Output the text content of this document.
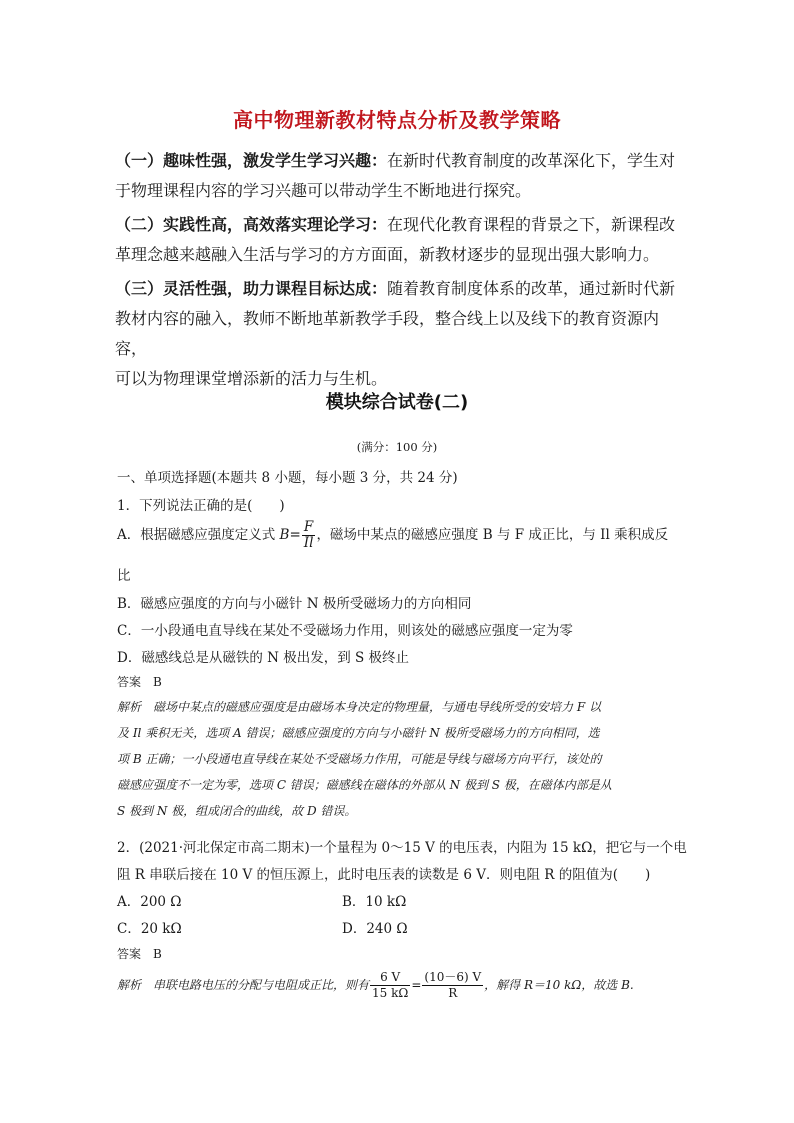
高中物理新教材特点分析及教学策略
（一）趣味性强，激发学生学习兴趣：在新时代教育制度的改革深化下，学生对
于物理课程内容的学习兴趣可以带动学生不断地进行探究。
（二）实践性高，高效落实理论学习：在现代化教育课程的背景之下，新课程改
革理念越来越融入生活与学习的方方面面，新教材逐步的显现出强大影响力。
（三）灵活性强，助力课程目标达成：随着教育制度体系的改革，通过新时代新
教材内容的融入，教师不断地革新教学手段，整合线上以及线下的教育资源内容，
可以为物理课堂增添新的活力与生机。
模块综合试卷(二)
(满分：100 分)
一、单项选择题(本题共 8 小题，每小题 3 分，共 24 分)
1．下列说法正确的是(　　)
A．根据磁感应强度定义式 $B= \frac{F}{Il}$ ，磁场中某点的磁感应强度 B 与 F 成正比，与 Il 乘积成反
比
B．磁感应强度的方向与小磁针 N 极所受磁场力的方向相同
C．一小段通电直导线在某处不受磁场力作用，则该处的磁感应强度一定为零
D．磁感线总是从磁铁的 N 极出发，到 S 极终止
答案　B
解析　磁场中某点的磁感应强度是由磁场本身决定的物理量，与通电导线所受的安培力 F 以
及 Il 乘积无关，选项 A 错误；磁感应强度的方向与小磁针 N 极所受磁场力的方向相同，选
项 B 正确；一小段通电直导线在某处不受磁场力作用，可能是导线与磁场方向平行，该处的
磁感应强度不一定为零，选项 C 错误；磁感线在磁体的外部从 N 极到 S 极，在磁体内部是从
S 极到 N 极，组成闭合的曲线，故 D 错误。
2．(2021·河北保定市高二期末)一个量程为 0～15 V 的电压表，内阻为 15 kΩ，把它与一个电
阻 R 串联后接在 10 V 的恒压源上，此时电压表的读数是 6 V．则电阻 R 的阻值为(　　)
A．200 Ω	B．10 kΩ
C．20 kΩ	D．240 Ω
答案　B
解析　串联电路电压的分配与电阻成正比，则有 $\frac{6 V}{15 k\Omega} = \frac{(10-6) V}{R}$ ，解得 R＝10 kΩ，故选 B.
